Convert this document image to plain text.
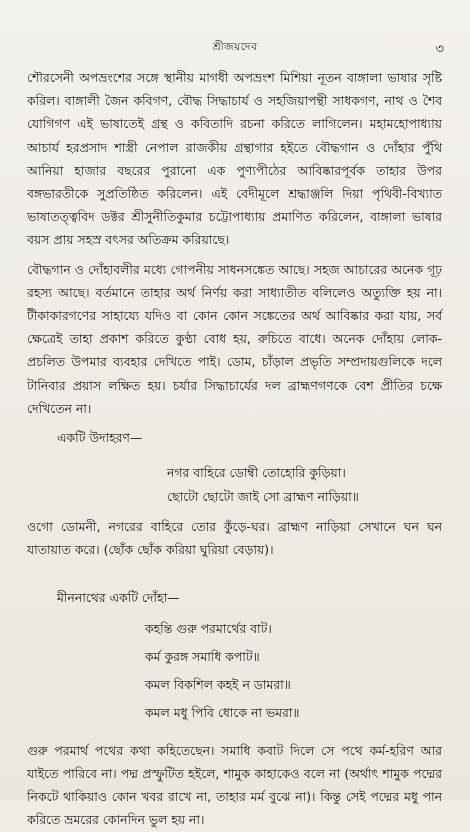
শ্রীজয়দেব	৩

শৌরসেনী অপভ্রংশের সঙ্গে স্থানীয় মাগধী অপভ্রংশ মিশিয়া নূতন বাঙ্গালা ভাষার সৃষ্টি করিল। বাঙ্গালী জৈন কবিগণ, বৌদ্ধ সিদ্ধাচার্য ও সহজিয়াপন্থী সাধকগণ, নাথ ও শৈব যোগিগণ এই ভাষাতেই গ্রন্থ ও কবিতাদি রচনা করিতে লাগিলেন। মহামহোপাধ্যায় আচার্য হরপ্রসাদ শাস্ত্রী নেপাল রাজকীয় গ্রন্থাগার হইতে বৌদ্ধগান ও দোঁহার পুঁথি আনিয়া হাজার বছরের পুরানো এক পুণ্যপীঠের আবিষ্কারপূর্বক তাহার উপর বঙ্গভারতীকে সুপ্রতিষ্ঠিত করিলেন। এই বেদীমূলে শ্রদ্ধাঞ্জলি দিয়া পৃথিবী-বিখ্যাত ভাষাতত্ত্ববিদ ডক্টর শ্রীসুনীতিকুমার চট্টোপাধ্যায় প্রমাণিত করিলেন, বাঙ্গালা ভাষার বয়স প্রায় সহস্র বৎসর অতিক্রম করিয়াছে।

বৌদ্ধগান ও দোঁহাবলীর মধ্যে গোপনীয় সাধনসঙ্কেত আছে। সহজ আচারের অনেক গূঢ় রহস্য আছে। বর্তমানে তাহার অর্থ নির্ণয় করা সাধ্যাতীত বলিলেও অত্যুক্তি হয় না। টীকাকারগণের সাহায্যে যদিও বা কোন কোন সঙ্কেতের অর্থ আবিষ্কার করা যায়, সর্ব ক্ষেত্রেই তাহা প্রকাশ করিতে কুণ্ঠা বোধ হয়, রুচিতে বাধে। অনেক দোঁহায় লোক-প্রচলিত উপমার ব্যবহার দেখিতে পাই। ডোম, চাঁড়াল প্রভৃতি সম্প্রদায়গুলিকে দলে টানিবার প্রয়াস লক্ষিত হয়। চর্যার সিদ্ধাচার্যের দল ব্রাহ্মণগণকে বেশ প্রীতির চক্ষে দেখিতেন না।

একটি উদাহরণ—

নগর বাহিরে ডোম্বী তোহোরি কুড়িয়া।

ছোটো ছোটো জাই সো ব্রাহ্মণ নাড়িয়া॥

ওগো ডোমনী, নগরের বাহিরে তোর কুঁড়ে-ঘর। ব্রাহ্মণ নাড়িয়া সেখানে ঘন ঘন যাতায়াত করে। (ছোঁক ছোঁক করিয়া ঘুরিয়া বেড়ায়)।

মীননাথের একটি দোঁহা—

কহন্তি গুরু পরমার্থের বাট।

কর্ম কুরঙ্গ সমাধি কপাট॥

কমল বিকশিল কহই ন ডামরা॥

কমল মধু পিবি ধোকে না ভমরা॥

গুরু পরমার্থ পথের কথা কহিতেছেন। সমাধি কবাট দিলে সে পথে কর্ম-হরিণ আর যাইতে পারিবে না। পদ্ম প্রস্ফুটিত হইলে, শামুক কাহাকেও বলে না (অর্থাৎ শামুক পদ্মের নিকটে থাকিয়াও কোন খবর রাখে না, তাহার মর্ম বুঝে না)। কিন্তু সেই পদ্মের মধু পান করিতে ভ্রমরের কোনদিন ভুল হয় না।
